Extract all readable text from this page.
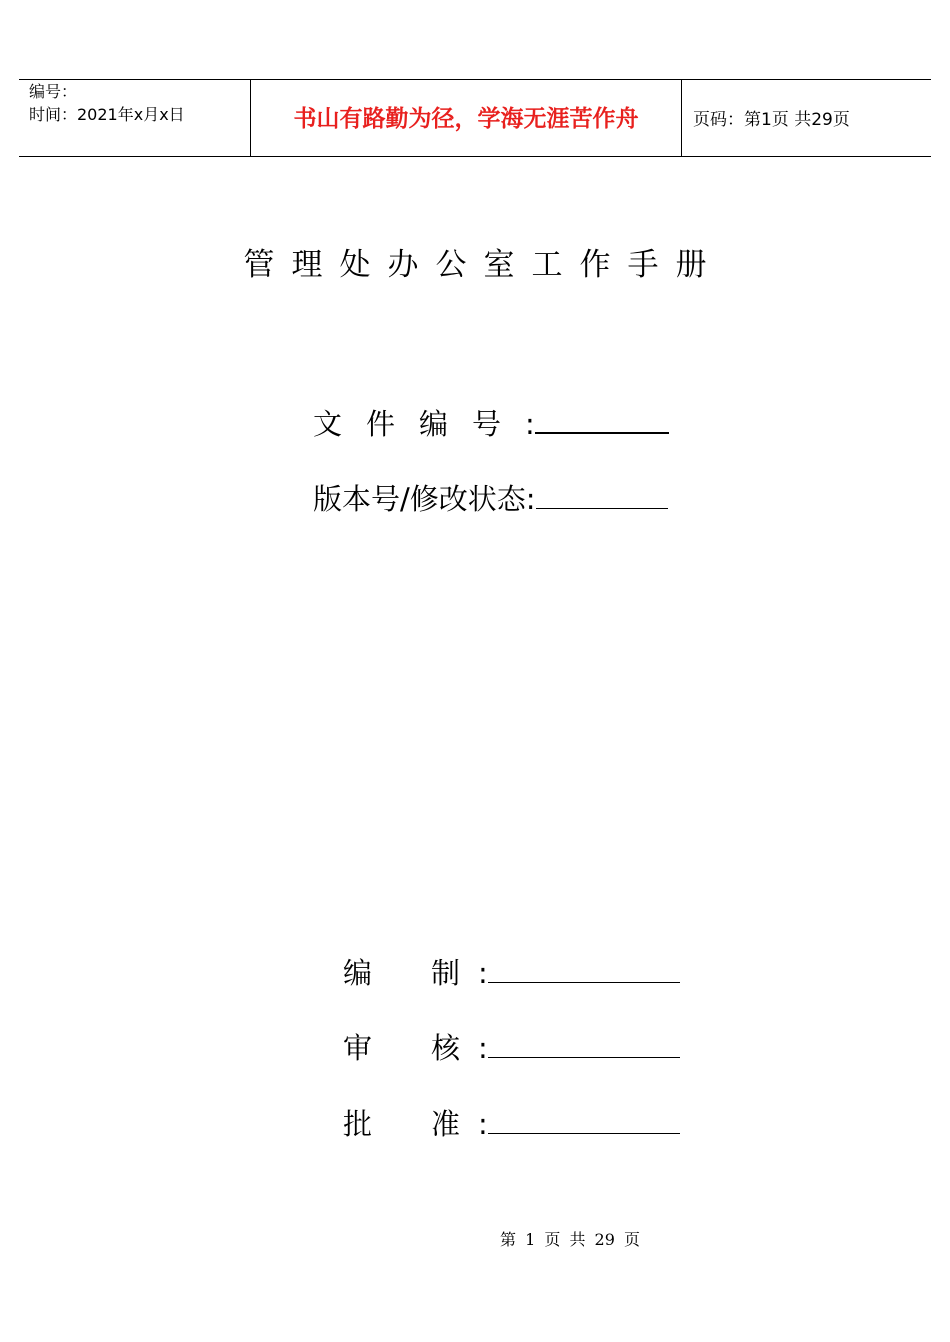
编号：
时间：2021年x月x日	书山有路勤为径，学海无涯苦作舟	页码：第1页 共29页
管理处办公室工作手册
文件编号:
版本号/修改状态:
编 制 :
审 核 :
批 准 :
第 1 页 共 29 页
